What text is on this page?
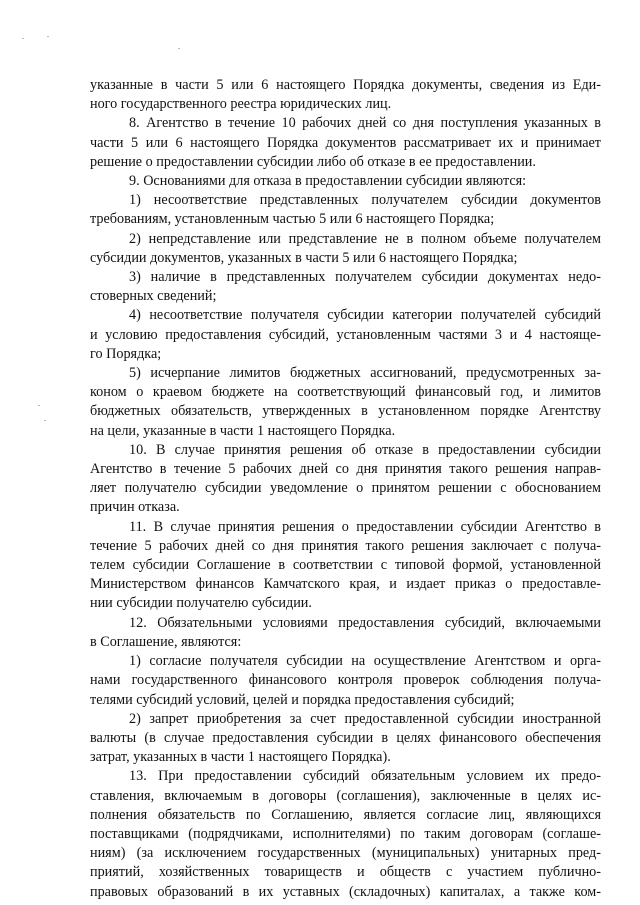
указанные в части 5 или 6 настоящего Порядка документы, сведения из Еди-
ного государственного реестра юридических лиц.
8. Агентство в течение 10 рабочих дней со дня поступления указанных в
части 5 или 6 настоящего Порядка документов рассматривает их и принимает
решение о предоставлении субсидии либо об отказе в ее предоставлении.
9. Основаниями для отказа в предоставлении субсидии являются:
1) несоответствие представленных получателем субсидии документов
требованиям, установленным частью 5 или 6 настоящего Порядка;
2) непредставление или представление не в полном объеме получателем
субсидии документов, указанных в части 5 или 6 настоящего Порядка;
3) наличие в представленных получателем субсидии документах недо-
стоверных сведений;
4) несоответствие получателя субсидии категории получателей субсидий
и условию предоставления субсидий, установленным частями 3 и 4 настояще-
го Порядка;
5) исчерпание лимитов бюджетных ассигнований, предусмотренных за-
коном о краевом бюджете на соответствующий финансовый год, и лимитов
бюджетных обязательств, утвержденных в установленном порядке Агентству
на цели, указанные в части 1 настоящего Порядка.
10. В случае принятия решения об отказе в предоставлении субсидии
Агентство в течение 5 рабочих дней со дня принятия такого решения направ-
ляет получателю субсидии уведомление о принятом решении с обоснованием
причин отказа.
11. В случае принятия решения о предоставлении субсидии Агентство в
течение 5 рабочих дней со дня принятия такого решения заключает с получа-
телем субсидии Соглашение в соответствии с типовой формой, установленной
Министерством финансов Камчатского края, и издает приказ о предоставле-
нии субсидии получателю субсидии.
12. Обязательными условиями предоставления субсидий, включаемыми
в Соглашение, являются:
1) согласие получателя субсидии на осуществление Агентством и орга-
нами государственного финансового контроля проверок соблюдения получа-
телями субсидий условий, целей и порядка предоставления субсидий;
2) запрет приобретения за счет предоставленной субсидии иностранной
валюты (в случае предоставления субсидии в целях финансового обеспечения
затрат, указанных в части 1 настоящего Порядка).
13. При предоставлении субсидий обязательным условием их предо-
ставления, включаемым в договоры (соглашения), заключенные в целях ис-
полнения обязательств по Соглашению, является согласие лиц, являющихся
поставщиками (подрядчиками, исполнителями) по таким договорам (соглаше-
ниям) (за исключением государственных (муниципальных) унитарных пред-
приятий, хозяйственных товариществ и обществ с участием публично-
правовых образований в их уставных (складочных) капиталах, а также ком-
